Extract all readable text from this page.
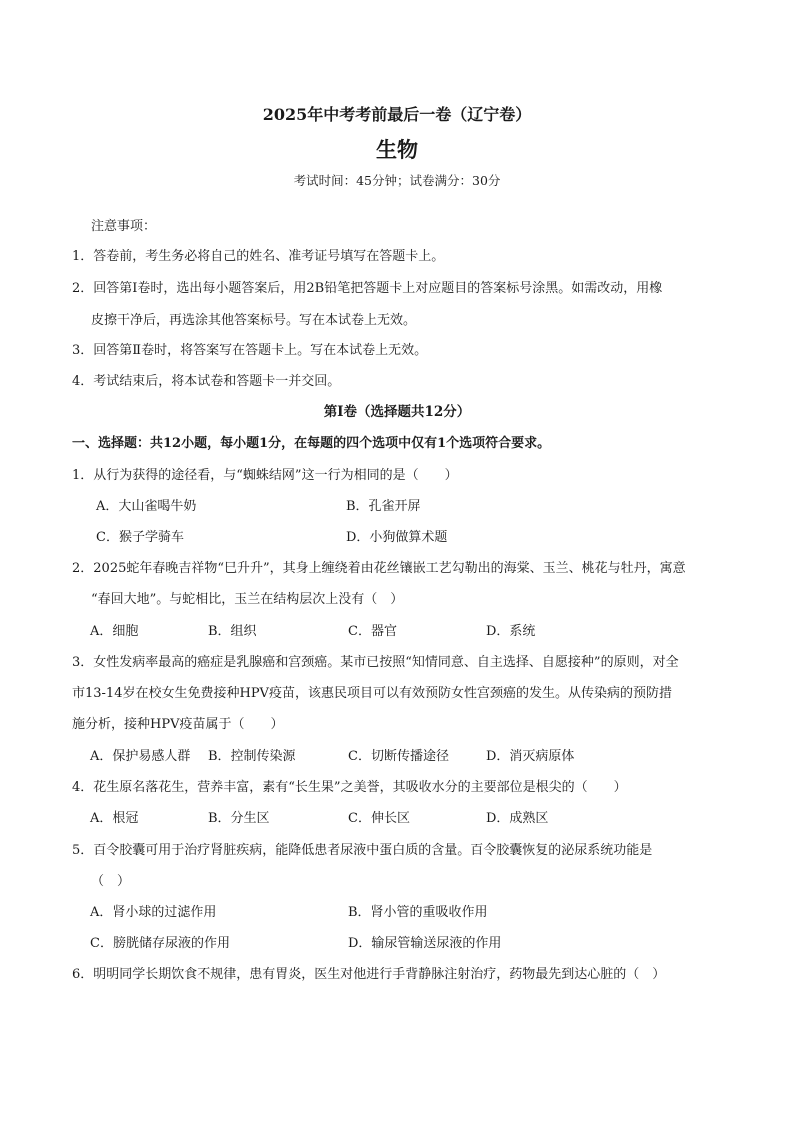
2025年中考考前最后一卷（辽宁卷）
生物
考试时间：45分钟；试卷满分：30分
注意事项：
1．答卷前，考生务必将自己的姓名、准考证号填写在答题卡上。
2．回答第Ⅰ卷时，选出每小题答案后，用2B铅笔把答题卡上对应题目的答案标号涂黑。如需改动，用橡
皮擦干净后，再选涂其他答案标号。写在本试卷上无效。
3．回答第Ⅱ卷时，将答案写在答题卡上。写在本试卷上无效。
4．考试结束后，将本试卷和答题卡一并交回。
第Ⅰ卷（选择题共12分）
一、选择题：共12小题，每小题1分，在每题的四个选项中仅有1个选项符合要求。
1．从行为获得的途径看，与“蜘蛛结网”这一行为相同的是（　　）
A．大山雀喝牛奶	B．孔雀开屏
C．猴子学骑车	D．小狗做算术题
2．2025蛇年春晚吉祥物“巳升升”，其身上缠绕着由花丝镶嵌工艺勾勒出的海棠、玉兰、桃花与牡丹，寓意
“春回大地”。与蛇相比，玉兰在结构层次上没有（　）
A．细胞	B．组织	C．器官	D．系统
3．女性发病率最高的癌症是乳腺癌和宫颈癌。某市已按照“知情同意、自主选择、自愿接种”的原则，对全
市13-14岁在校女生免费接种HPV疫苗，该惠民项目可以有效预防女性宫颈癌的发生。从传染病的预防措
施分析，接种HPV疫苗属于（　　）
A．保护易感人群 B．控制传染源	C．切断传播途径	D．消灭病原体
4．花生原名落花生，营养丰富，素有“长生果”之美誉，其吸收水分的主要部位是根尖的（　　）
A．根冠	B．分生区	C．伸长区	D．成熟区
5．百令胶囊可用于治疗肾脏疾病，能降低患者尿液中蛋白质的含量。百令胶囊恢复的泌尿系统功能是
（　）
A．肾小球的过滤作用	B．肾小管的重吸收作用
C．膀胱储存尿液的作用	D．输尿管输送尿液的作用
6．明明同学长期饮食不规律，患有胃炎，医生对他进行手背静脉注射治疗，药物最先到达心脏的（　）
